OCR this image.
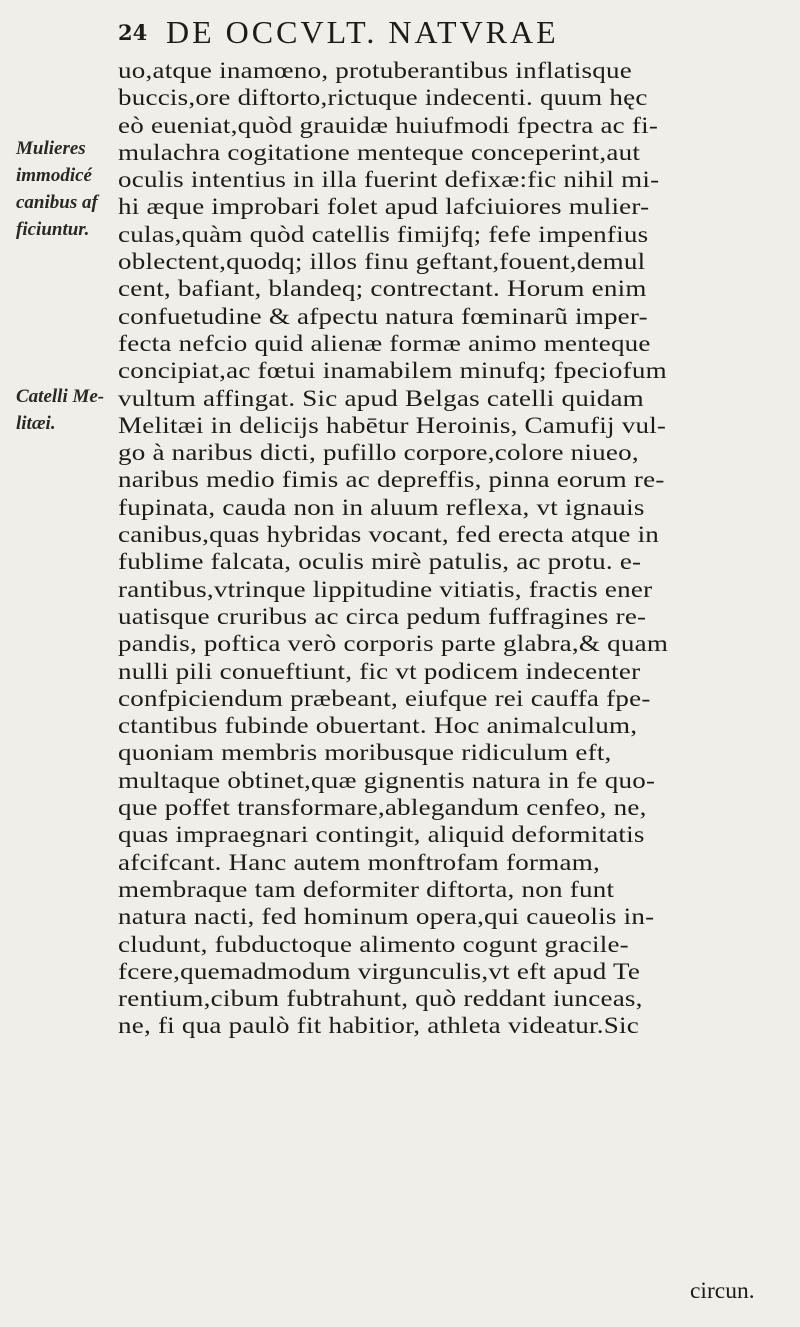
24 DE OCCVLT. NATVRAE
Mulieres
immodicé
canibus af
ficiuntur.
Catelli Me-
litæi.
uo,atque inamœno, protuberantibus inflatisque
buccis,ore diftorto,rictuque indecenti. quum hęc
eò eueniat,quòd grauidæ huiufmodi fpectra ac fi-
mulachra cogitatione menteque conceperint,aut
oculis intentius in illa fuerint defixæ:fic nihil mi-
hi æque improbari folet apud lafciuiores mulier-
culas,quàm quòd catellis fimijfq; fefe impenfius
oblectent,quodq; illos finu geftant,fouent,demul
cent, bafiant, blandeq; contrectant. Horum enim
confuetudine & afpectu natura fœminarũ imper-
fecta nefcio quid alienæ formæ animo menteque
concipiat,ac fœtui inamabilem minufq; fpeciofum
vultum affingat. Sic apud Belgas catelli quidam
Melitæi in delicijs habētur Heroinis, Camufij vul-
go à naribus dicti, pufillo corpore,colore niueo,
naribus medio fimis ac depreffis, pinna eorum re-
fupinata, cauda non in aluum reflexa, vt ignauis
canibus,quas hybridas vocant, fed erecta atque in
fublime falcata, oculis mirè patulis, ac protu. e-
rantibus,vtrinque lippitudine vitiatis, fractis ener
uatisque cruribus ac circa pedum fuffragines re-
pandis, poftica verò corporis parte glabra,& quam
nulli pili conueftiunt, fic vt podicem indecenter
confpiciendum præbeant, eiufque rei cauffa fpe-
ctantibus fubinde obuertant. Hoc animalculum,
quoniam membris moribusque ridiculum eft,
multaque obtinet,quæ gignentis natura in fe quo-
que poffet transformare,ablegandum cenfeo, ne,
quas impraegnari contingit, aliquid deformitatis
afcifcant. Hanc autem monftrofam formam,
membraque tam deformiter diftorta, non funt
natura nacti, fed hominum opera,qui caueolis in-
cludunt, fubductoque alimento cogunt gracile-
fcere,quemadmodum virgunculis,vt eft apud Te
rentium,cibum fubtrahunt, quò reddant iunceas,
ne, fi qua paulò fit habitior, athleta videatur.Sic
circun.
